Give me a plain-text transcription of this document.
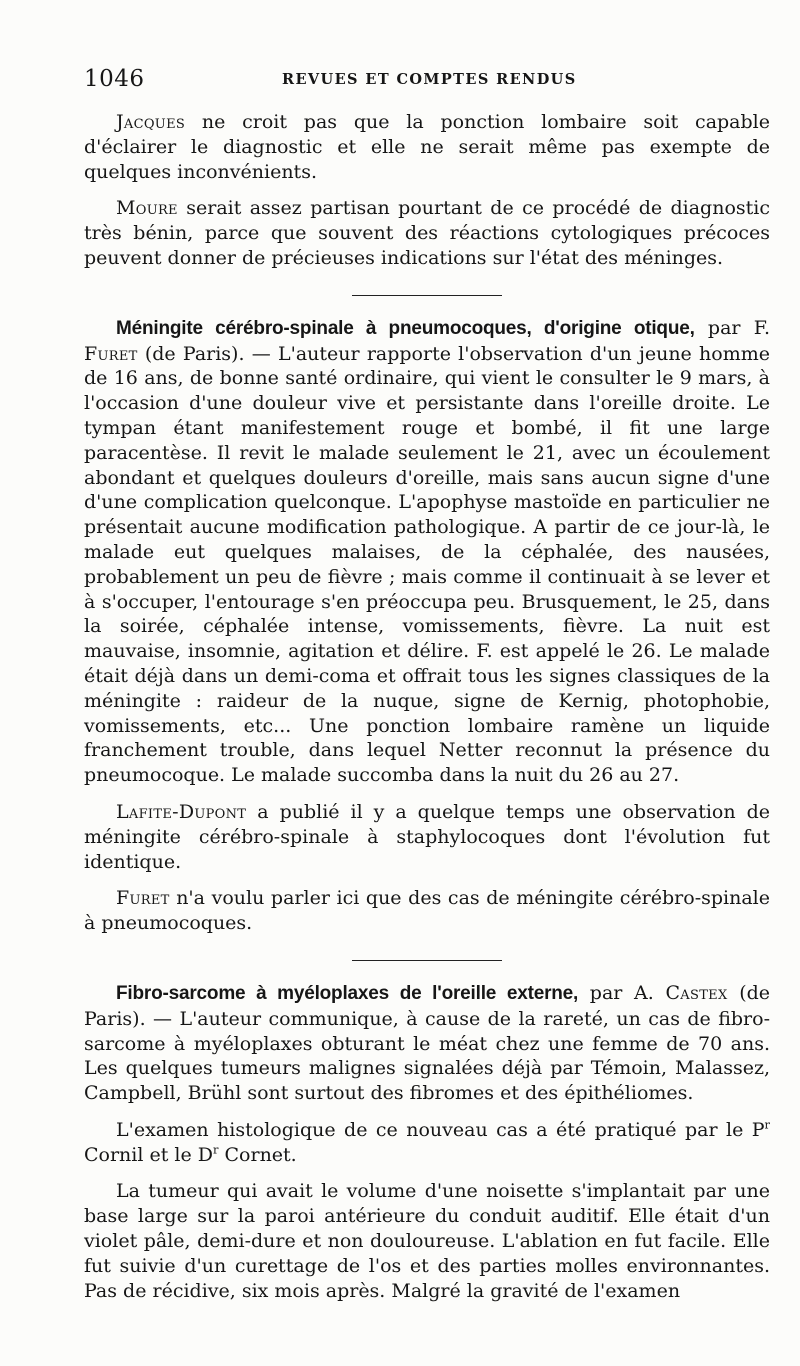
1046	REVUES ET COMPTES RENDUS

Jacques ne croit pas que la ponction lombaire soit capable d'éclairer le diagnostic et elle ne serait même pas exempte de quelques inconvénients.

Moure serait assez partisan pourtant de ce procédé de diagnostic très bénin, parce que souvent des réactions cytologiques précoces peuvent donner de précieuses indications sur l'état des méninges.

Méningite cérébro-spinale à pneumocoques, d'origine otique, par F. Furet (de Paris). — L'auteur rapporte l'observation d'un jeune homme de 16 ans, de bonne santé ordinaire, qui vient le consulter le 9 mars, à l'occasion d'une douleur vive et persistante dans l'oreille droite. Le tympan étant manifestement rouge et bombé, il fit une large paracentèse. Il revit le malade seulement le 21, avec un écoulement abondant et quelques douleurs d'oreille, mais sans aucun signe d'une d'une complication quelconque. L'apophyse mastoïde en particulier ne présentait aucune modification pathologique. A partir de ce jour-là, le malade eut quelques malaises, de la céphalée, des nausées, probablement un peu de fièvre ; mais comme il continuait à se lever et à s'occuper, l'entourage s'en préoccupa peu. Brusquement, le 25, dans la soirée, céphalée intense, vomissements, fièvre. La nuit est mauvaise, insomnie, agitation et délire. F. est appelé le 26. Le malade était déjà dans un demi-coma et offrait tous les signes classiques de la méningite : raideur de la nuque, signe de Kernig, photophobie, vomissements, etc... Une ponction lombaire ramène un liquide franchement trouble, dans lequel Netter reconnut la présence du pneumocoque. Le malade succomba dans la nuit du 26 au 27.

Lafite-Dupont a publié il y a quelque temps une observation de méningite cérébro-spinale à staphylocoques dont l'évolution fut identique.

Furet n'a voulu parler ici que des cas de méningite cérébro-spinale à pneumocoques.

Fibro-sarcome à myéloplaxes de l'oreille externe, par A. Castex (de Paris). — L'auteur communique, à cause de la rareté, un cas de fibro-sarcome à myéloplaxes obturant le méat chez une femme de 70 ans. Les quelques tumeurs malignes signalées déjà par Témoin, Malassez, Campbell, Brühl sont surtout des fibromes et des épithéliomes.

L'examen histologique de ce nouveau cas a été pratiqué par le $P^r$ Cornil et le $D^r$ Cornet.

La tumeur qui avait le volume d'une noisette s'implantait par une base large sur la paroi antérieure du conduit auditif. Elle était d'un violet pâle, demi-dure et non douloureuse. L'ablation en fut facile. Elle fut suivie d'un curettage de l'os et des parties molles environnantes. Pas de récidive, six mois après. Malgré la gravité de l'examen
